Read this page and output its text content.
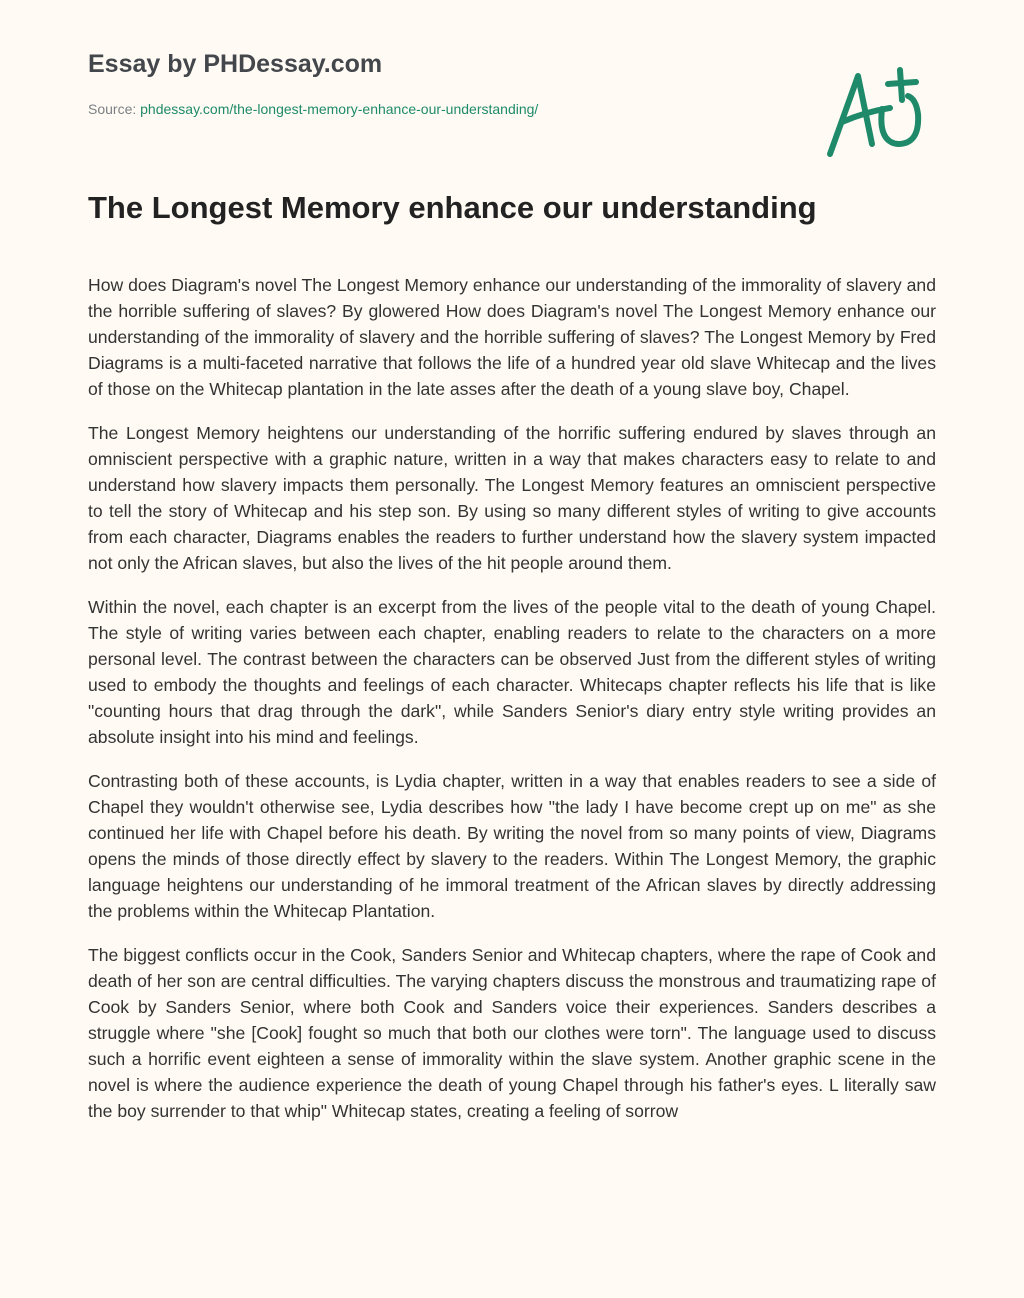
Essay by PHDessay.com
Source: phdessay.com/the-longest-memory-enhance-our-understanding/
The Longest Memory enhance our understanding

How does Diagram's novel The Longest Memory enhance our understanding of the immorality of slavery and the horrible suffering of slaves? By glowered How does Diagram's novel The Longest Memory enhance our understanding of the immorality of slavery and the horrible suffering of slaves? The Longest Memory by Fred Diagrams is a multi-faceted narrative that follows the life of a hundred year old slave Whitecap and the lives of those on the Whitecap plantation in the late asses after the death of a young slave boy, Chapel.

The Longest Memory heightens our understanding of the horrific suffering endured by slaves through an omniscient perspective with a graphic nature, written in a way that makes characters easy to relate to and understand how slavery impacts them personally. The Longest Memory features an omniscient perspective to tell the story of Whitecap and his step son. By using so many different styles of writing to give accounts from each character, Diagrams enables the readers to further understand how the slavery system impacted not only the African slaves, but also the lives of the hit people around them.

Within the novel, each chapter is an excerpt from the lives of the people vital to the death of young Chapel. The style of writing varies between each chapter, enabling readers to relate to the characters on a more personal level. The contrast between the characters can be observed Just from the different styles of writing used to embody the thoughts and feelings of each character. Whitecaps chapter reflects his life that is like "counting hours that drag through the dark", while Sanders Senior's diary entry style writing provides an absolute insight into his mind and feelings.

Contrasting both of these accounts, is Lydia chapter, written in a way that enables readers to see a side of Chapel they wouldn't otherwise see, Lydia describes how "the lady I have become crept up on me" as she continued her life with Chapel before his death. By writing the novel from so many points of view, Diagrams opens the minds of those directly effect by slavery to the readers. Within The Longest Memory, the graphic language heightens our understanding of he immoral treatment of the African slaves by directly addressing the problems within the Whitecap Plantation.

The biggest conflicts occur in the Cook, Sanders Senior and Whitecap chapters, where the rape of Cook and death of her son are central difficulties. The varying chapters discuss the monstrous and traumatizing rape of Cook by Sanders Senior, where both Cook and Sanders voice their experiences. Sanders describes a struggle where "she [Cook] fought so much that both our clothes were torn". The language used to discuss such a horrific event eighteen a sense of immorality within the slave system. Another graphic scene in the novel is where the audience experience the death of young Chapel through his father's eyes. L literally saw the boy surrender to that whip" Whitecap states, creating a feeling of sorrow
